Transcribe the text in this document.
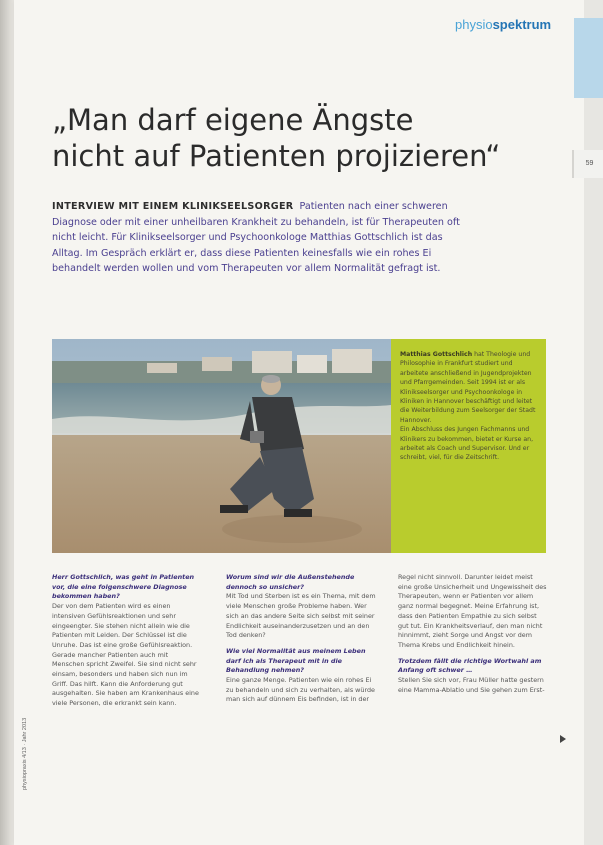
59
physiospektrum
„Man darf eigene Ängste
nicht auf Patienten projizieren“
INTERVIEW MIT EINEM KLINIKSEELSORGER Patienten nach einer schweren Diagnose oder mit einer unheilbaren Krankheit zu behandeln, ist für Therapeuten oft nicht leicht. Für Klinikseelsorger und Psychoonkologe Matthias Gottschlich ist das Alltag. Im Gespräch erklärt er, dass diese Patienten keinesfalls wie ein rohes Ei behandelt werden wollen und vom Therapeuten vor allem Normalität gefragt ist.
Matthias Gottschlich hat Theologie und Philosophie in Frankfurt studiert und arbeitete anschließend in Jugendprojekten und Pfarrgemeinden. Seit 1994 ist er als Klinikseelsorger und Psychoonkologe in Kliniken in Hannover beschäftigt und leitet die Weiterbildung zum Seelsorger der Stadt Hannover.
Ein Abschluss des Jungen Fachmanns und Klinikers zu bekommen, bietet er Kurse an, arbeitet als Coach und Supervisor. Und er schreibt, viel, für die Zeitschrift.
Herr Gottschlich, was geht in Patienten vor, die eine folgenschwere Diagnose bekommen haben?

Der von dem Patienten wird es einen intensiven Gefühlsreaktionen und sehr eingeengter. Sie stehen nicht allein wie die Patienten mit Leiden. Der Schlüssel ist die Unruhe. Das ist eine große Gefühlsreaktion. Gerade mancher Patienten auch mit Menschen spricht Zweifel. Sie sind nicht sehr einsam, besonders und haben sich nun im Griff. Das hilft. Kann die Anforderung gut ausgehalten. Sie haben am Krankenhaus eine viele Personen, die erkrankt sein kann.

Worum sind wir die Außenstehende dennoch so unsicher?

Mit Tod und Sterben ist es ein Thema, mit dem viele Menschen große Probleme haben. Wer sich an das andere Seite sich selbst mit seiner Endlichkeit auseinanderzusetzen und an den Tod denken?

Wie viel Normalität aus meinem Leben darf ich als Therapeut mit in die Behandlung nehmen?

Eine ganze Menge. Patienten wie ein rohes Ei zu behandeln und sich zu verhalten, als würde man sich auf dünnem Eis befinden, ist in der

Regel nicht sinnvoll. Darunter leidet meist eine große Unsicherheit und Ungewissheit des Therapeuten, wenn er Patienten vor allem ganz normal begegnet. Meine Erfahrung ist, dass den Patienten Empathie zu sich selbst gut tut. Ein Krankheitsverlauf, den man nicht hinnimmt, zieht Sorge und Angst vor dem Thema Krebs und Endlichkeit hinein.

Trotzdem fällt die richtige Wortwahl am Anfang oft schwer …

Stellen Sie sich vor, Frau Müller hatte gestern eine Mamma-Ablatio und Sie gehen zum Erst-

physiopraxis 4/13 · Jahr 2013
